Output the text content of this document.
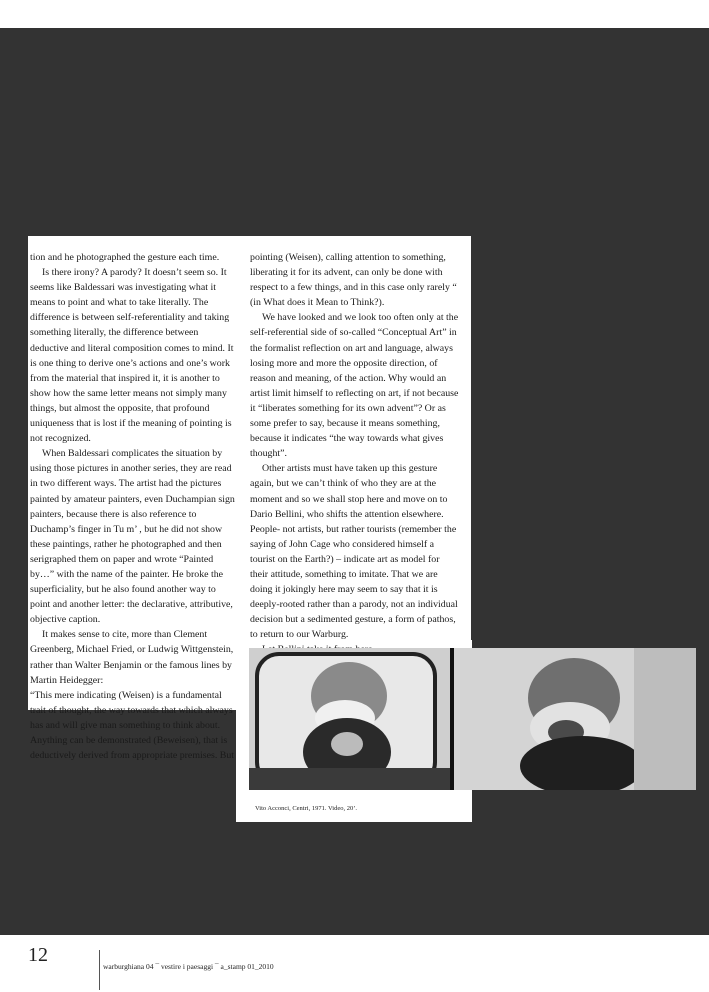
tion and he photographed the gesture each time.

Is there irony? A parody? It doesn’t seem so. It seems like Baldessari was investigating what it means to point and what to take literally. The difference is between self-referentiality and taking something literally, the difference between deductive and literal composition comes to mind. It is one thing to derive one’s actions and one’s work from the material that inspired it, it is another to show how the same letter means not simply many things, but almost the opposite, that profound uniqueness that is lost if the meaning of pointing is not recognized.

When Baldessari complicates the situation by using those pictures in another series, they are read in two different ways. The artist had the pictures painted by amateur painters, even Duchampian sign painters, because there is also reference to Duchamp’s finger in Tu m’ , but he did not show these paintings, rather he photographed and then serigraphed them on paper and wrote “Painted by…” with the name of the painter. He broke the superficiality, but he also found another way to point and another letter: the declarative, attributive, objective caption.

It makes sense to cite, more than Clement Greenberg, Michael Fried, or Ludwig Wittgenstein, rather than Walter Benjamin or the famous lines by Martin Heidegger:

“This mere indicating (Weisen) is a fundamental trait of thought, the way towards that which always has and will give man something to think about. Anything can be demonstrated (Beweisen), that is deductively derived from appropriate premises. But

pointing (Weisen), calling attention to something, liberating it for its advent, can only be done with respect to a few things, and in this case only rarely “ (in What does it Mean to Think?).

We have looked and we look too often only at the self-referential side of so-called “Conceptual Art” in the formalist reflection on art and language, always losing more and more the opposite direction, of reason and meaning, of the action. Why would an artist limit himself to reflecting on art, if not because it “liberates something for its own advent”? Or as some prefer to say, because it means something, because it indicates “the way towards what gives thought”.

Other artists must have taken up this gesture again, but we can’t think of who they are at the moment and so we shall stop here and move on to Dario Bellini, who shifts the attention elsewhere. People- not artists, but rather tourists (remember the saying of John Cage who considered himself a tourist on the Earth?) – indicate art as model for their attitude, something to imitate. That we are doing it jokingly here may seem to say that it is deeply-rooted rather than a parody, not an individual decision but a sedimented gesture, a form of pathos, to return to our Warburg.

Vito Acconci, Centri, 1971. Video, 20’.
12
warburghiana 04 ¯ vestire i paesaggi ¯ a_stamp 01_2010
